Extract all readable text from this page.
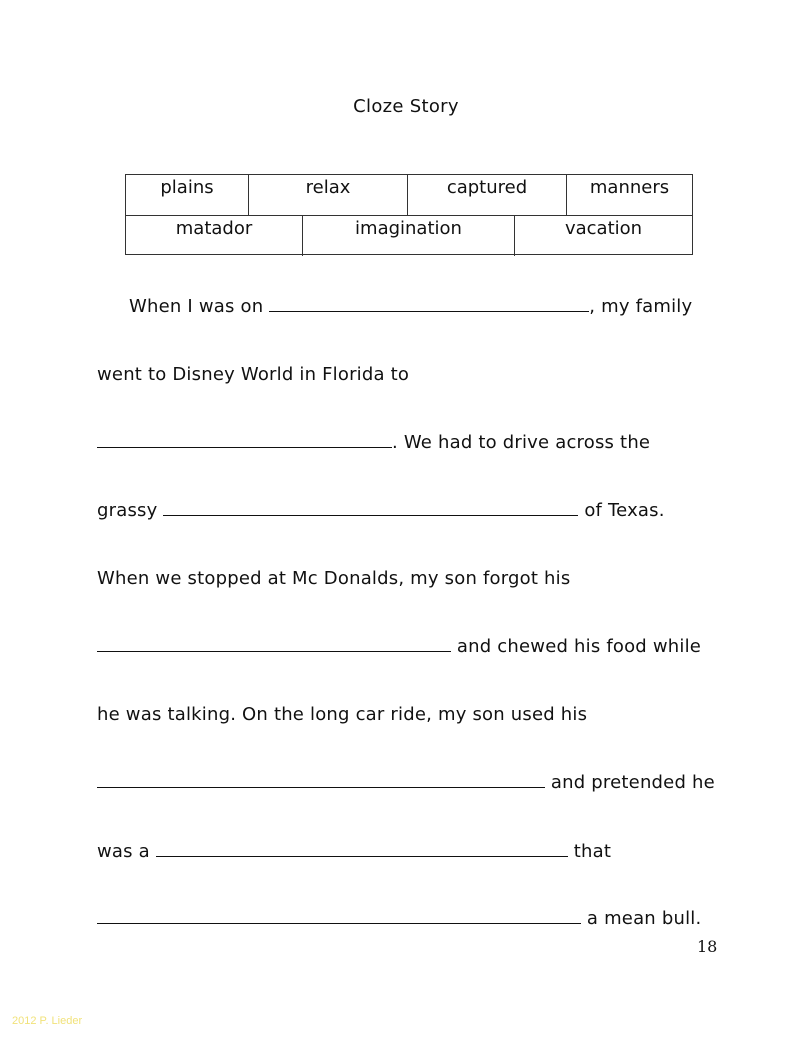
Cloze Story
plains	relax	captured	manners
matador	imagination	vacation
When I was on	, my family
went to Disney World in Florida to
. We had to drive across the
grassy	of Texas.
When we stopped at Mc Donalds, my son forgot his
and chewed his food while
he was talking. On the long car ride, my son used his
and pretended he
was a	that
a mean bull.
18
2012 P. Lieder
